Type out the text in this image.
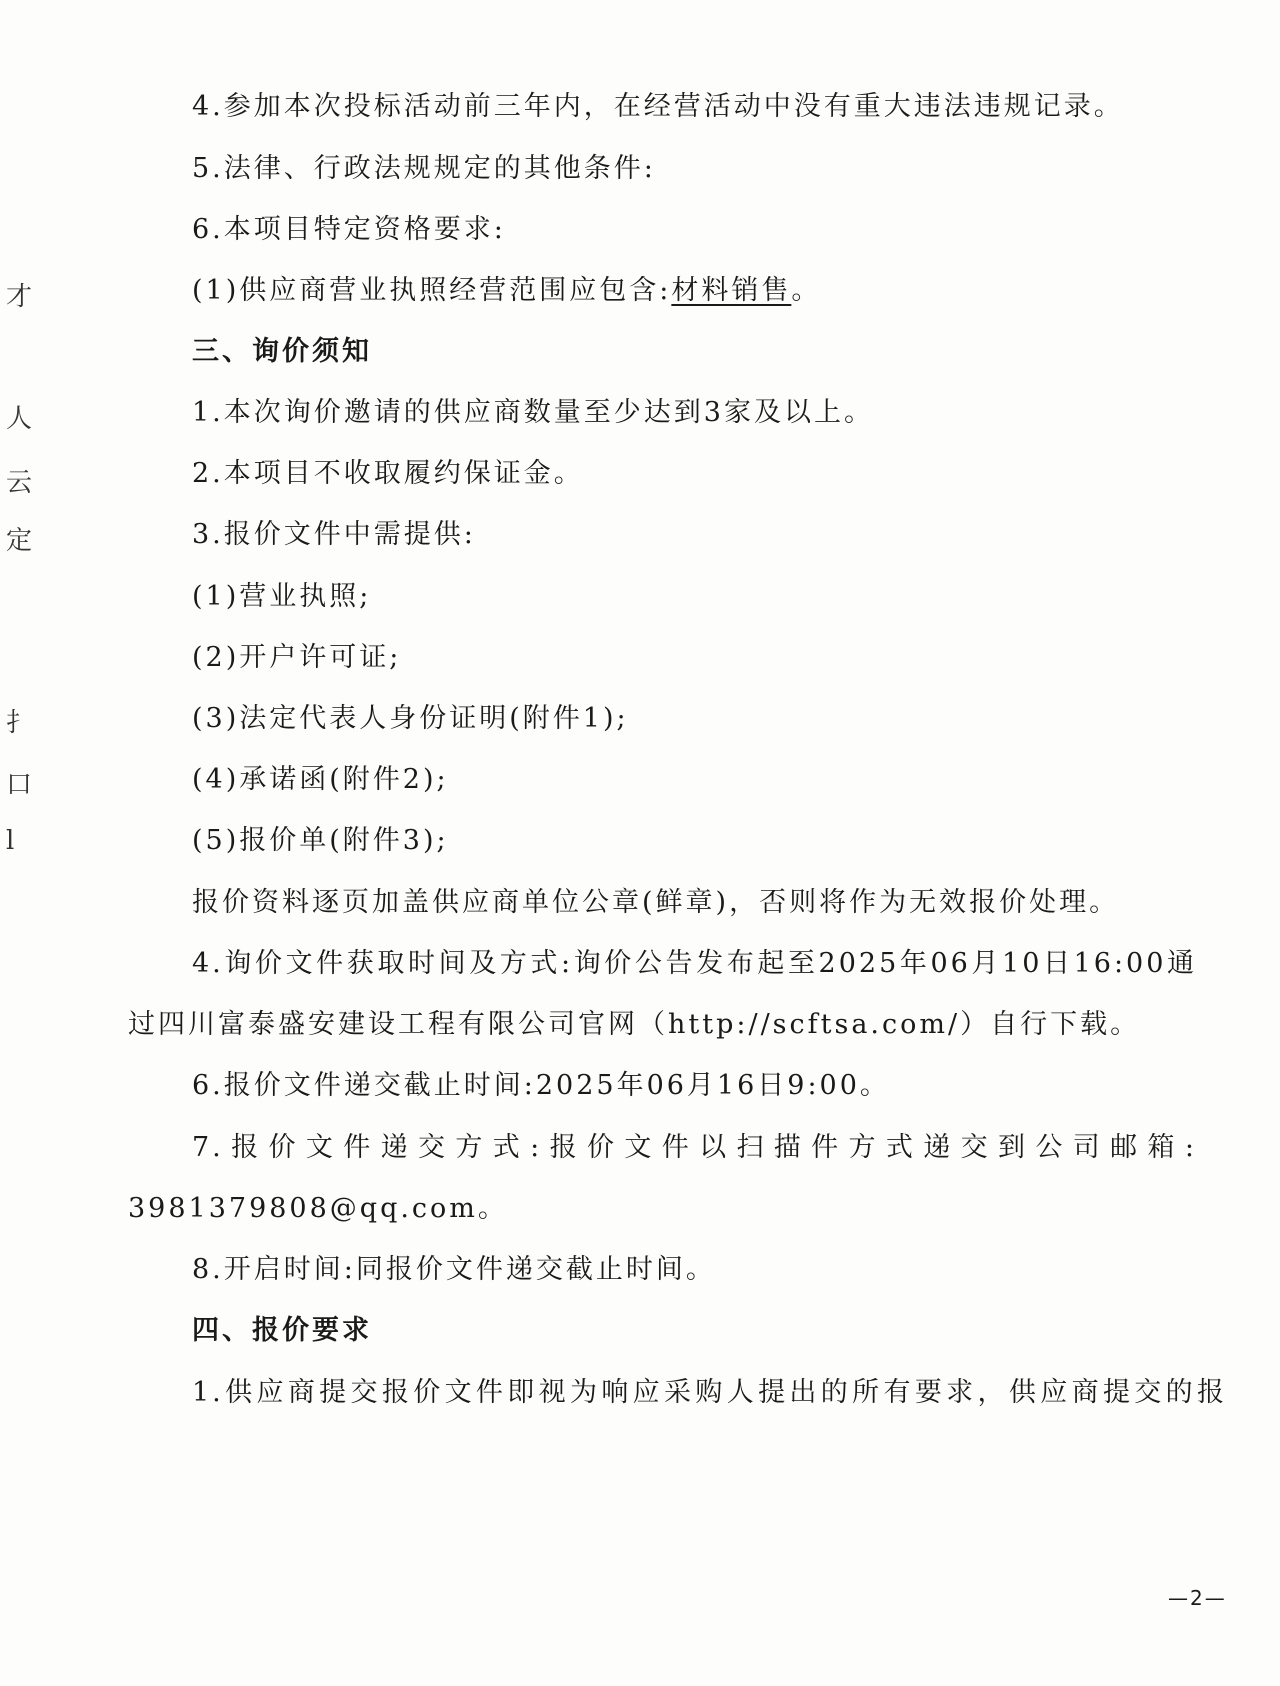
才
人
云
定
扌
口
l
4.参加本次投标活动前三年内，在经营活动中没有重大违法违规记录。
5.法律、行政法规规定的其他条件:
6.本项目特定资格要求:
(1)供应商营业执照经营范围应包含:材料销售。
三、询价须知
1.本次询价邀请的供应商数量至少达到3家及以上。
2.本项目不收取履约保证金。
3.报价文件中需提供:
(1)营业执照;
(2)开户许可证;
(3)法定代表人身份证明(附件1);
(4)承诺函(附件2);
(5)报价单(附件3);
报价资料逐页加盖供应商单位公章(鲜章)，否则将作为无效报价处理。
4.询价文件获取时间及方式:询价公告发布起至2025年06月10日16:00通
过四川富泰盛安建设工程有限公司官网（http://scftsa.com/）自行下载。
6.报价文件递交截止时间:2025年06月16日9:00。
7.报价文件递交方式:报价文件以扫描件方式递交到公司邮箱:
3981379808@qq.com。
8.开启时间:同报价文件递交截止时间。
四、报价要求
1.供应商提交报价文件即视为响应采购人提出的所有要求，供应商提交的报
—2—
